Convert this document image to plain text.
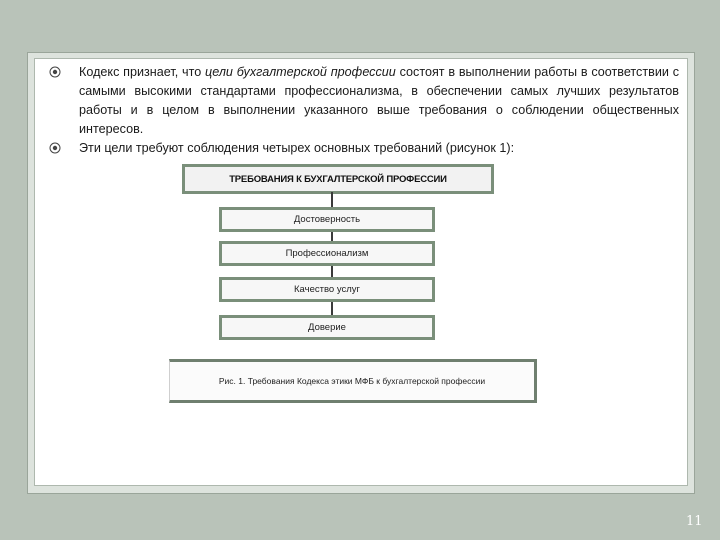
Кодекс признает, что цели бухгалтерской профессии состоят в выполнении работы в соответствии с самыми высокими стандартами профессионализма, в обеспечении самых лучших результатов работы и в целом в выполнении указанного выше требования о соблюдении общественных интересов.
Эти цели требуют соблюдения четырех основных требований (рисунок 1):
ТРЕБОВАНИЯ К БУХГАЛТЕРСКОЙ ПРОФЕССИИ
Достоверность
Профессионализм
Качество услуг
Доверие
Рис. 1. Требования Кодекса этики МФБ к бухгалтерской профессии
11
